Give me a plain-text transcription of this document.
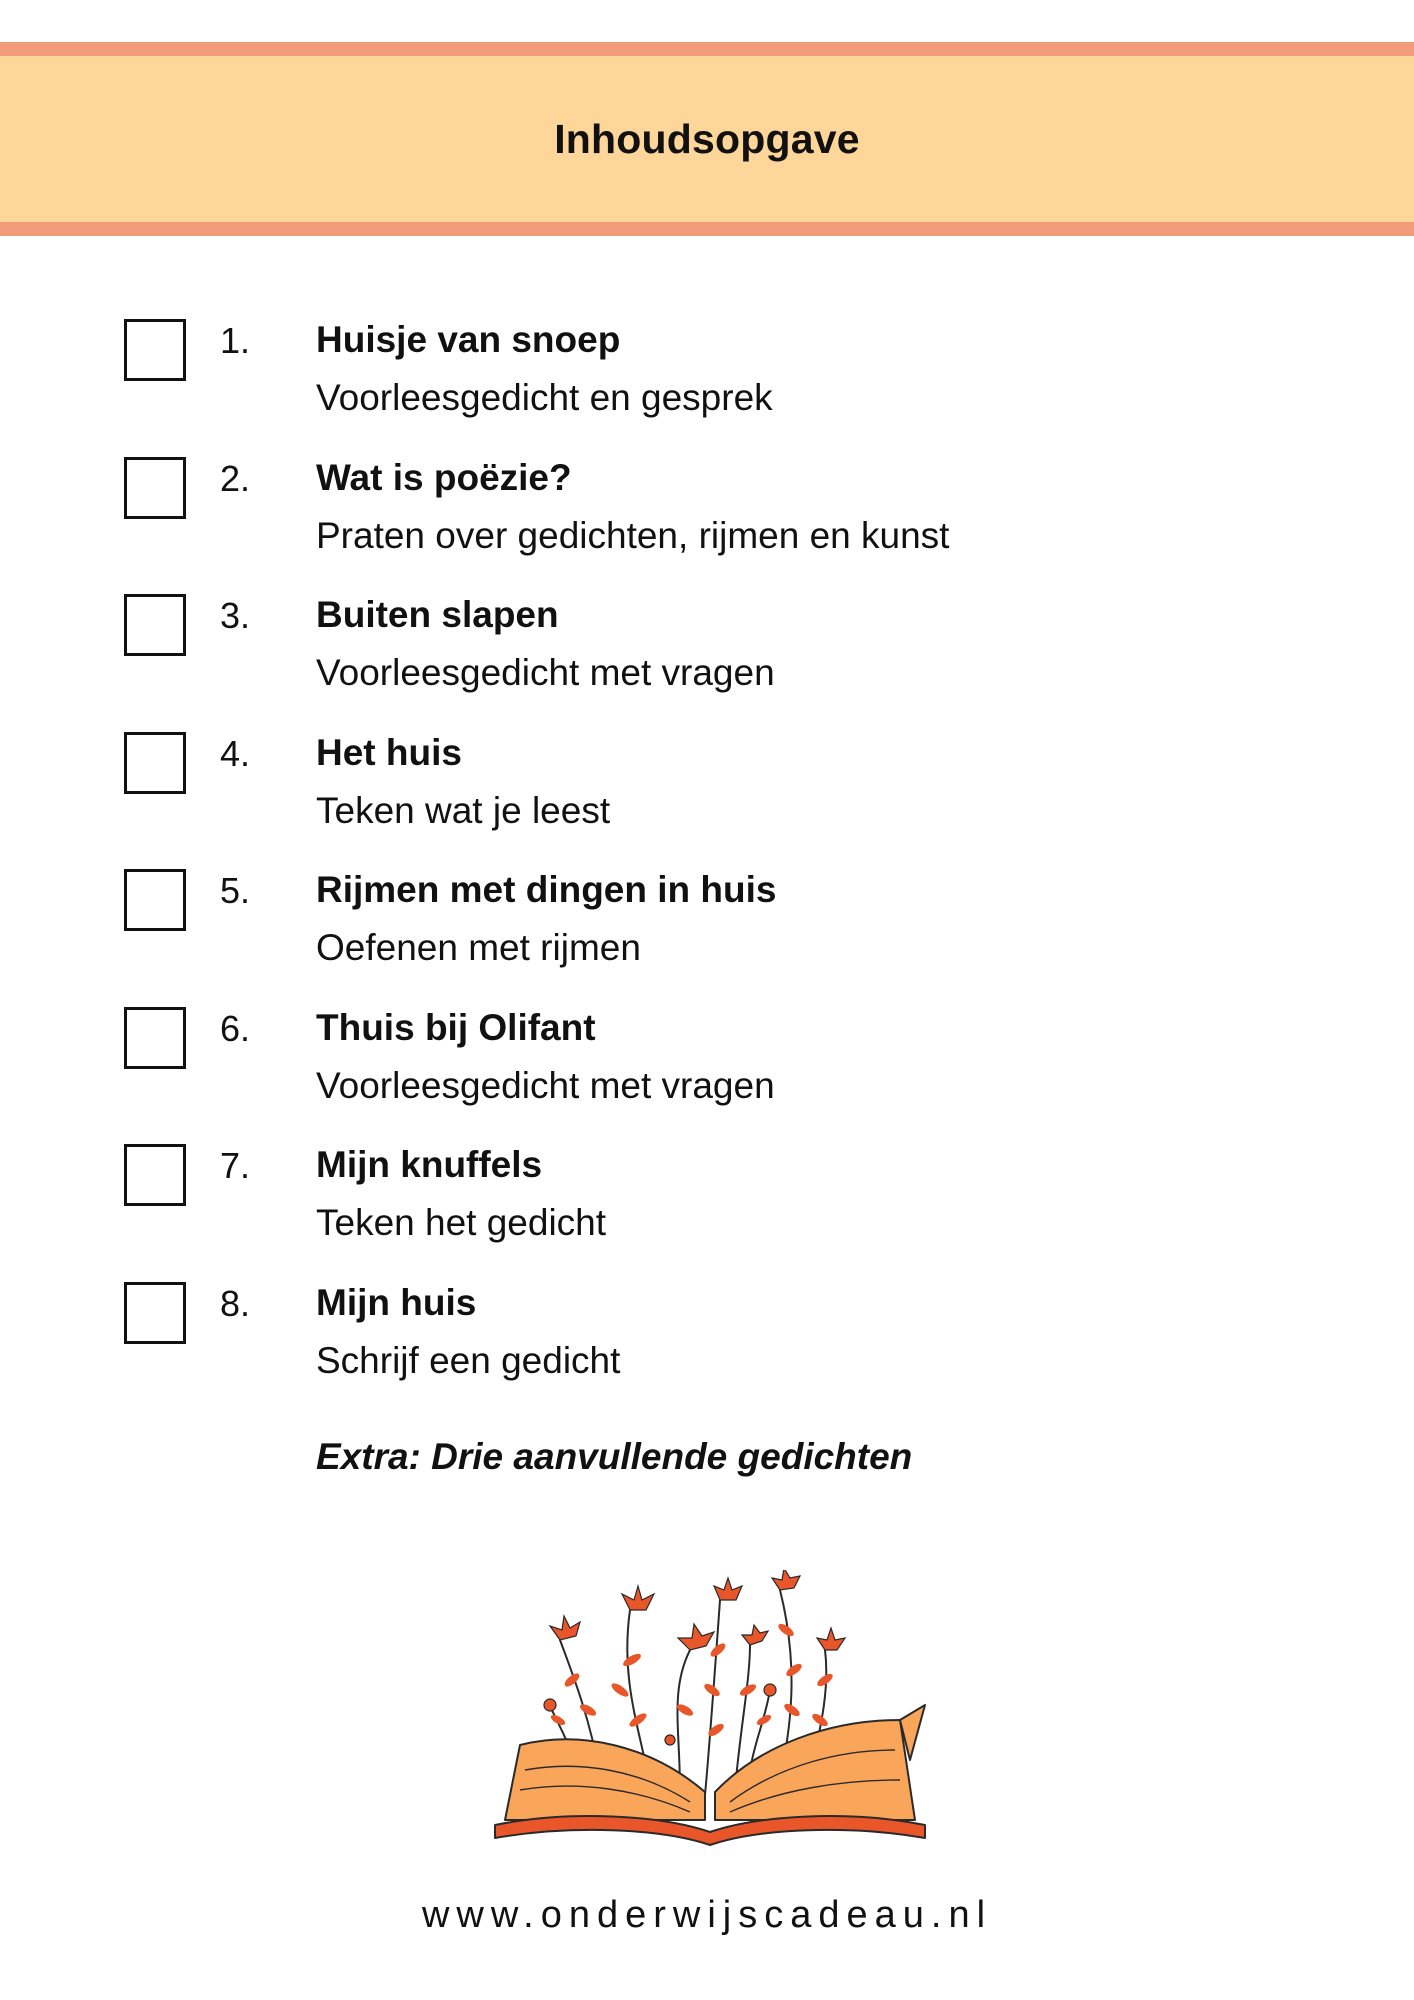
Inhoudsopgave
1. Huisje van snoep
Voorleesgedicht en gesprek
2. Wat is poëzie?
Praten over gedichten, rijmen en kunst
3. Buiten slapen
Voorleesgedicht met vragen
4. Het huis
Teken wat je leest
5. Rijmen met dingen in huis
Oefenen met rijmen
6. Thuis bij Olifant
Voorleesgedicht met vragen
7. Mijn knuffels
Teken het gedicht
8. Mijn huis
Schrijf een gedicht
Extra: Drie aanvullende gedichten
www.onderwijscadeau.nl
